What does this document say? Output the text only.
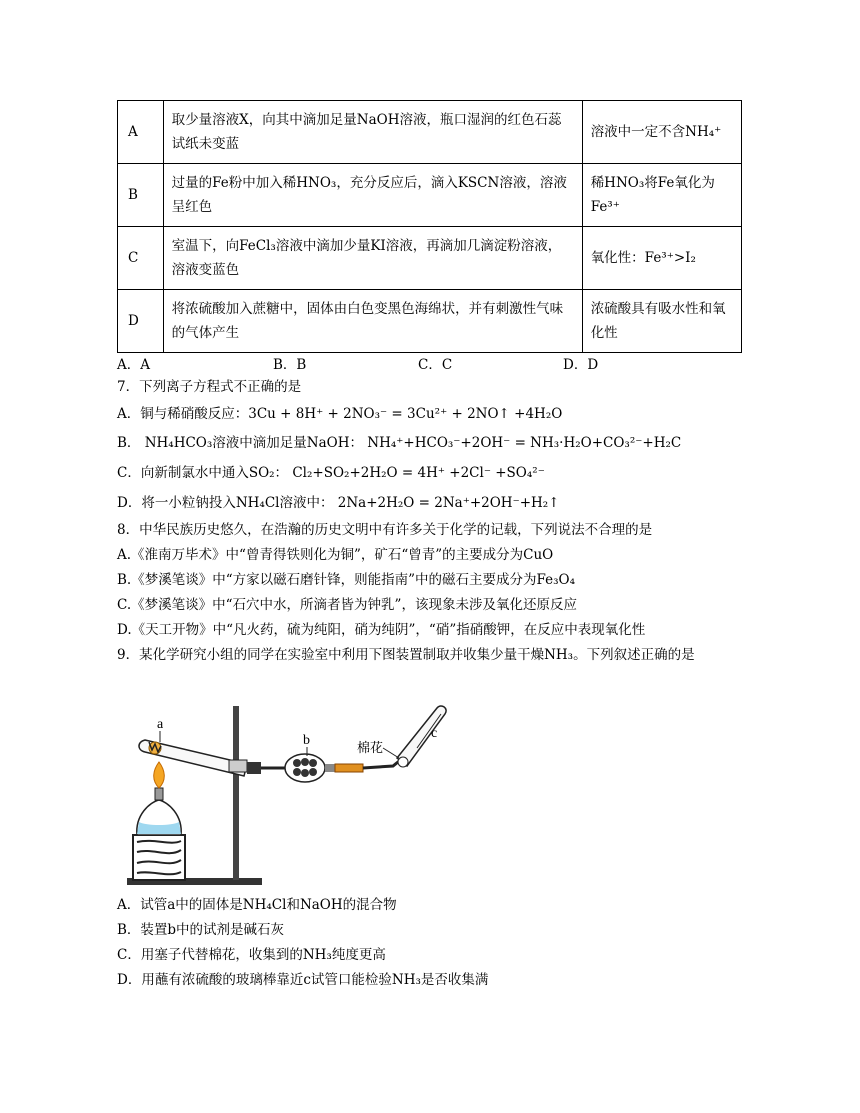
A	取少量溶液X，向其中滴加足量NaOH溶液，瓶口湿润的红色石蕊试纸未变蓝	溶液中一定不含NH₄⁺
B	过量的Fe粉中加入稀HNO₃，充分反应后，滴入KSCN溶液，溶液呈红色	稀HNO₃将Fe氧化为Fe³⁺
C	室温下，向FeCl₃溶液中滴加少量KI溶液，再滴加几滴淀粉溶液，溶液变蓝色	氧化性：Fe³⁺>I₂
D	将浓硫酸加入蔗糖中，固体由白色变黑色海绵状，并有刺激性气味的气体产生	浓硫酸具有吸水性和氧化性
A．A	B．B	C．C	D．D
7．下列离子方程式不正确的是
A．铜与稀硝酸反应：3Cu + 8H⁺ + 2NO₃⁻ = 3Cu²⁺ + 2NO↑ +4H₂O
B． NH₄HCO₃溶液中滴加足量NaOH： NH₄⁺+HCO₃⁻+2OH⁻ = NH₃·H₂O+CO₃²⁻+H₂C
C．向新制氯水中通入SO₂： Cl₂+SO₂+2H₂O = 4H⁺ +2Cl⁻ +SO₄²⁻
D．将一小粒钠投入NH₄Cl溶液中： 2Na+2H₂O = 2Na⁺+2OH⁻+H₂↑
8．中华民族历史悠久，在浩瀚的历史文明中有许多关于化学的记载，下列说法不合理的是
A.《淮南万毕术》中“曾青得铁则化为铜”，矿石“曾青”的主要成分为CuO
B.《梦溪笔谈》中“方家以磁石磨针锋，则能指南”中的磁石主要成分为Fe₃O₄
C.《梦溪笔谈》中“石穴中水，所滴者皆为钟乳”，该现象未涉及氧化还原反应
D.《天工开物》中“凡火药，硫为纯阳，硝为纯阴”，“硝”指硝酸钾，在反应中表现氧化性
9．某化学研究小组的同学在实验室中利用下图装置制取并收集少量干燥NH₃。下列叙述正确的是
a
b	棉花
c
A．试管a中的固体是NH₄Cl和NaOH的混合物
B．装置b中的试剂是碱石灰
C．用塞子代替棉花，收集到的NH₃纯度更高
D．用蘸有浓硫酸的玻璃棒靠近c试管口能检验NH₃是否收集满
